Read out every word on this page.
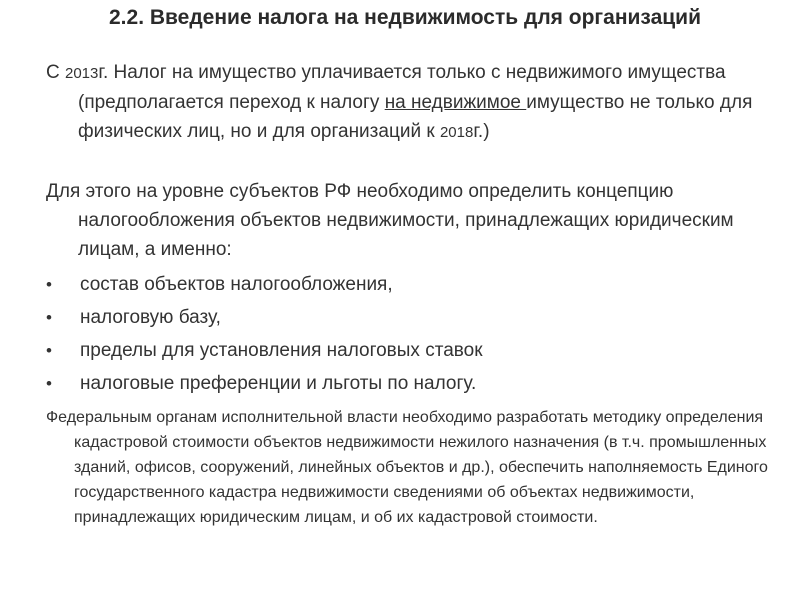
2.2. Введение налога на недвижимость для организаций

С 2013г. Налог на имущество уплачивается только с недвижимого имущества (предполагается переход к налогу на недвижимое имущество не только для физических лиц, но и для организаций к 2018г.)

Для этого на уровне субъектов РФ необходимо определить концепцию налогообложения объектов недвижимости, принадлежащих юридическим лицам, а именно:

• состав объектов налогообложения,
• налоговую базу,
• пределы для установления налоговых ставок
• налоговые преференции и льготы по налогу.

Федеральным органам исполнительной власти необходимо разработать методику определения кадастровой стоимости объектов недвижимости нежилого назначения (в т.ч. промышленных зданий, офисов, сооружений, линейных объектов и др.), обеспечить наполняемость Единого государственного кадастра недвижимости сведениями об объектах недвижимости, принадлежащих юридическим лицам, и об их кадастровой стоимости.
